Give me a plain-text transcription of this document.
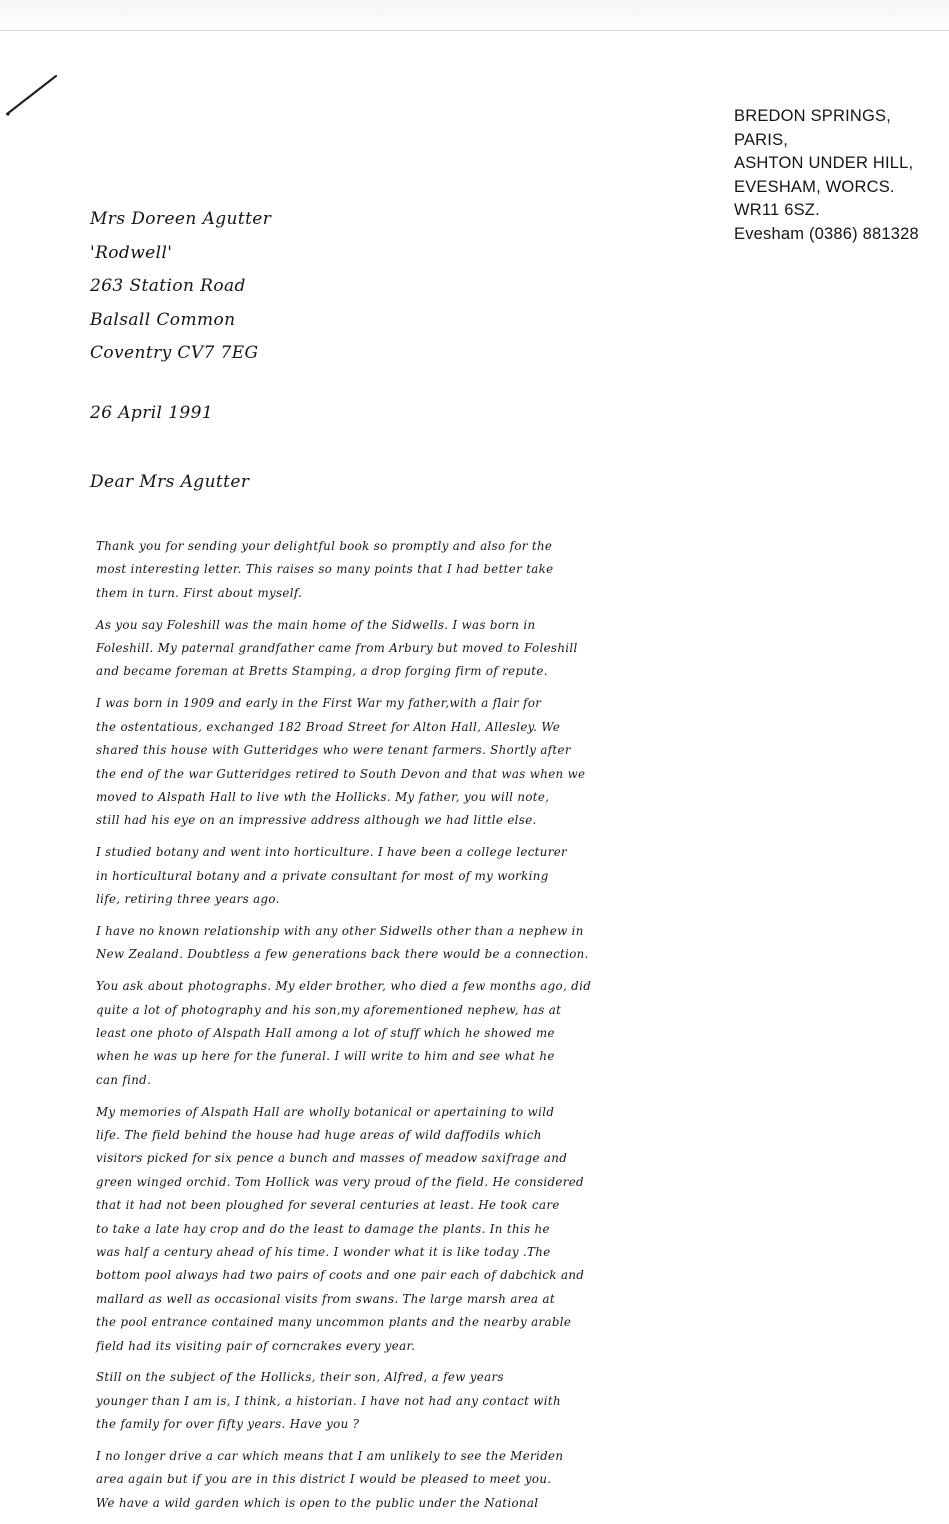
BREDON SPRINGS,
PARIS,
ASHTON UNDER HILL,
EVESHAM, WORCS.
WR11 6SZ.
Evesham (0386) 881328
Mrs Doreen Agutter
'Rodwell'
263 Station Road
Balsall Common
Coventry CV7 7EG
26 April 1991
Dear Mrs Agutter
Thank you for sending your delightful book so promptly and also for the
most interesting letter. This raises so many points that I had better take
them in turn. First about myself.
As you say Foleshill was the main home of the Sidwells. I was born in
Foleshill. My paternal grandfather came from Arbury but moved to Foleshill
and became foreman at Bretts Stamping, a drop forging firm of repute.
I was born in 1909 and early in the First War my father,with a flair for
the ostentatious, exchanged 182 Broad Street for Alton Hall, Allesley. We
shared this house with Gutteridges who were tenant farmers. Shortly after
the end of the war Gutteridges retired to South Devon and that was when we
moved to Alspath Hall to live wth the Hollicks. My father, you will note,
still had his eye on an impressive address although we had little else.
I studied botany and went into horticulture. I have been a college lecturer
in horticultural botany and a private consultant for most of my working
life, retiring three years ago.
I have no known relationship with any other Sidwells other than a nephew in
New Zealand. Doubtless a few generations back there would be a connection.
You ask about photographs. My elder brother, who died a few months ago, did
quite a lot of photography and his son,my aforementioned nephew, has at
least one photo of Alspath Hall among a lot of stuff which he showed me
when he was up here for the funeral. I will write to him and see what he
can find.
My memories of Alspath Hall are wholly botanical or apertaining to wild
life. The field behind the house had huge areas of wild daffodils which
visitors picked for six pence a bunch and masses of meadow saxifrage and
green winged orchid. Tom Hollick was very proud of the field. He considered
that it had not been ploughed for several centuries at least. He took care
to take a late hay crop and do the least to damage the plants. In this he
was half a century ahead of his time. I wonder what it is like today .The
bottom pool always had two pairs of coots and one pair each of dabchick and
mallard as well as occasional visits from swans. The large marsh area at
the pool entrance contained many uncommon plants and the nearby arable
field had its visiting pair of corncrakes every year.
Still on the subject of the Hollicks, their son, Alfred, a few years
younger than I am is, I think, a historian. I have not had any contact with
the family for over fifty years. Have you ?
I no longer drive a car which means that I am unlikely to see the Meriden
area again but if you are in this district I would be pleased to meet you.
We have a wild garden which is open to the public under the National
